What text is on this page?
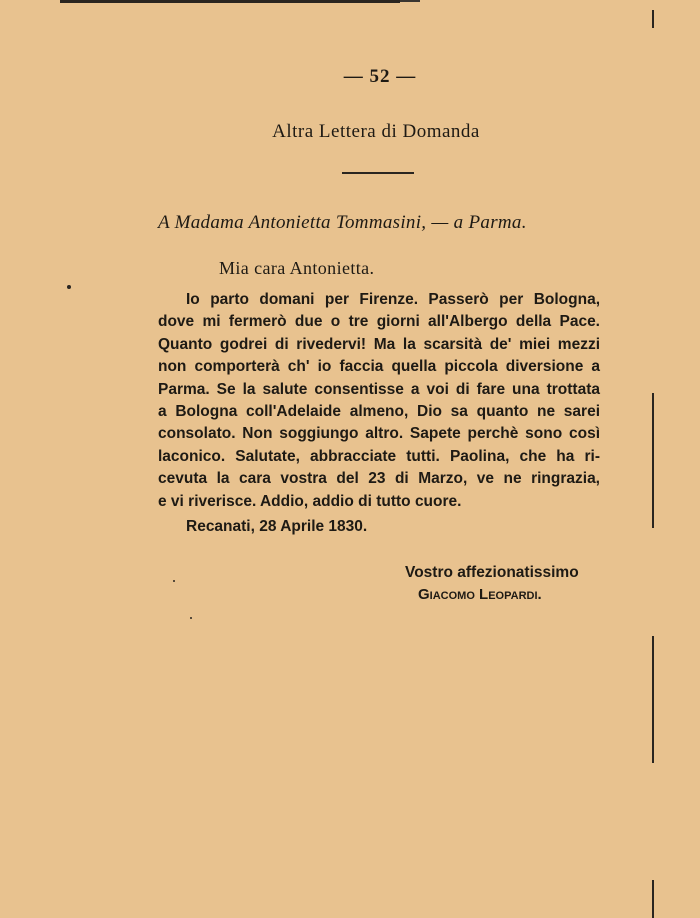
— 52 —
Altra Lettera di Domanda
A Madama Antonietta Tommasini, — a Parma.
Mia cara Antonietta.
Io parto domani per Firenze. Passerò per Bologna,
dove mi fermerò due o tre giorni all'Albergo della Pace.
Quanto godrei di rivedervi! Ma la scarsità de' miei mezzi
non comporterà ch' io faccia quella piccola diversione a
Parma. Se la salute consentisse a voi di fare una trottata
a Bologna coll'Adelaide almeno, Dio sa quanto ne sarei
consolato. Non soggiungo altro. Sapete perchè sono così
laconico. Salutate, abbracciate tutti. Paolina, che ha ri-
cevuta la cara vostra del 23 di Marzo, ve ne ringrazia,
e vi riverisce. Addio, addio di tutto cuore.
Recanati, 28 Aprile 1830.
Vostro affezionatissimo
Giacomo Leopardi.
